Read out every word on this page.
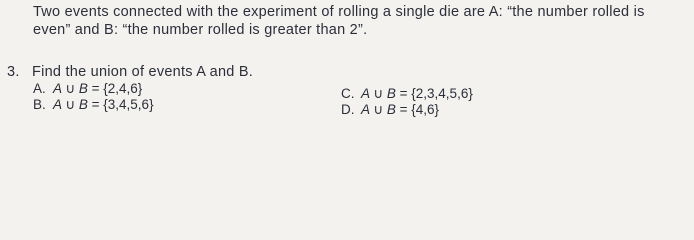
Two events connected with the experiment of rolling a single die are A: “the number rolled is even” and B: “the number rolled is greater than 2”.
3. Find the union of events A and B.
A. A ∪ B = {2,4,6}
B. A ∪ B = {3,4,5,6}
C. A ∪ B = {2,3,4,5,6}
D. A ∪ B = {4,6}
